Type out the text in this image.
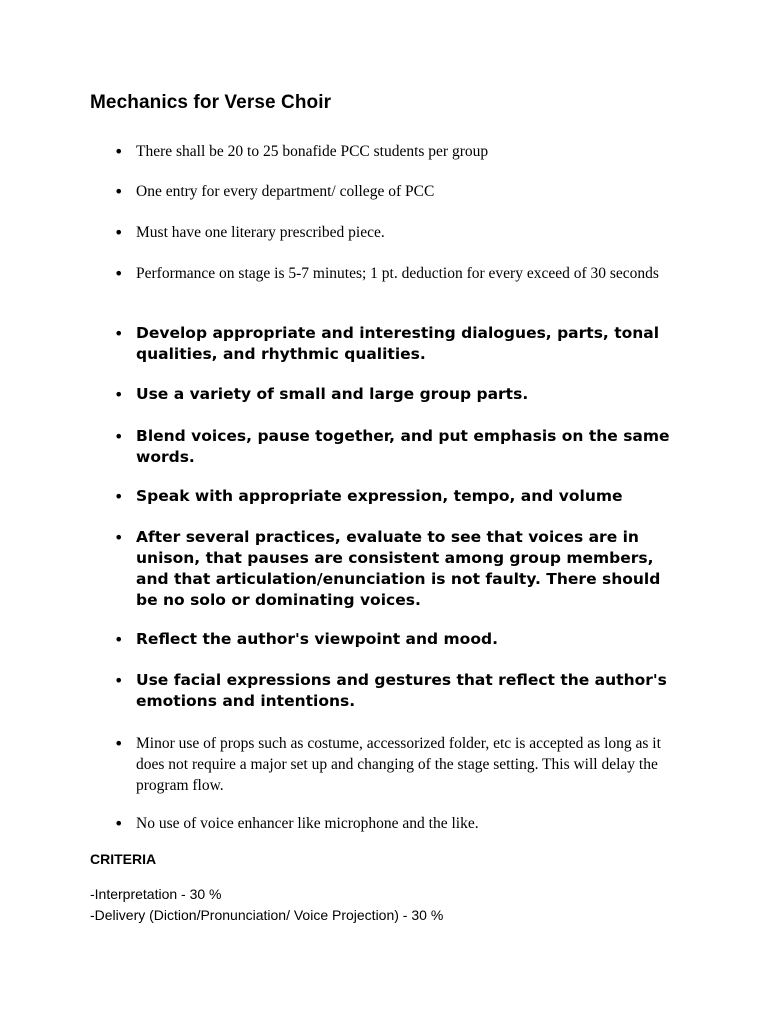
Mechanics for Verse Choir
• There shall be 20 to 25 bonafide PCC students per group
• One entry for every department/ college of PCC
• Must have one literary prescribed piece.
• Performance on stage is 5-7 minutes; 1 pt. deduction for every exceed of 30 seconds
• Develop appropriate and interesting dialogues, parts, tonal qualities, and rhythmic qualities.
• Use a variety of small and large group parts.
• Blend voices, pause together, and put emphasis on the same words.
• Speak with appropriate expression, tempo, and volume
• After several practices, evaluate to see that voices are in unison, that pauses are consistent among group members, and that articulation/enunciation is not faulty. There should be no solo or dominating voices.
• Reflect the author's viewpoint and mood.
• Use facial expressions and gestures that reflect the author's emotions and intentions.
• Minor use of props such as costume, accessorized folder, etc is accepted as long as it does not require a major set up and changing of the stage setting. This will delay the program flow.
• No use of voice enhancer like microphone and the like.
CRITERIA
-Interpretation - 30 %
-Delivery (Diction/Pronunciation/ Voice Projection) - 30 %
